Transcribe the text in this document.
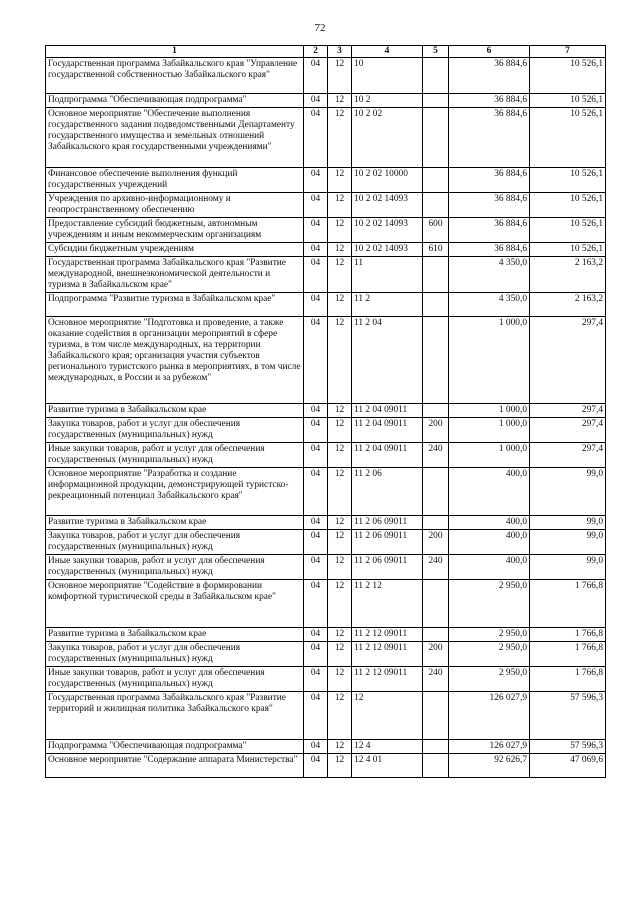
72
1	2	3	4	5	6	7
Государственная программа Забайкальского края "Управление государственной собственностью Забайкальского края"	04	12	10		36 884,6	10 526,1
Подпрограмма "Обеспечивающая подпрограмма"	04	12	10 2		36 884,6	10 526,1
Основное мероприятие "Обеспечение выполнения государственного задания подведомственными Департаменту государственного имущества и земельных отношений Забайкальского края государственными учреждениями"	04	12	10 2 02		36 884,6	10 526,1
Финансовое обеспечение выполнения функций государственных учреждений	04	12	10 2 02 10000		36 884,6	10 526,1
Учреждения по архивно-информационному и геопространственному обеспечению	04	12	10 2 02 14093		36 884,6	10 526,1
Предоставление субсидий бюджетным, автономным учреждениям и иным некоммерческим организациям	04	12	10 2 02 14093	600	36 884,6	10 526,1
Субсидии бюджетным учреждениям	04	12	10 2 02 14093	610	36 884,6	10 526,1
Государственная программа Забайкальского края "Развитие международной, внешнеэкономической деятельности и туризма в Забайкальском крае"	04	12	11		4 350,0	2 163,2
Подпрограмма "Развитие туризма в Забайкальском крае"	04	12	11 2		4 350,0	2 163,2
Основное мероприятие "Подготовка и проведение, а также оказание содействия в организации мероприятий в сфере туризма, в том числе международных, на территории Забайкальского края; организация участия субъектов регионального туристского рынка в мероприятиях, в том числе международных, в России и за рубежом"	04	12	11 2 04		1 000,0	297,4
Развитие туризма в Забайкальском крае	04	12	11 2 04 09011		1 000,0	297,4
Закупка товаров, работ и услуг для обеспечения государственных (муниципальных) нужд	04	12	11 2 04 09011	200	1 000,0	297,4
Иные закупки товаров, работ и услуг для обеспечения государственных (муниципальных) нужд	04	12	11 2 04 09011	240	1 000,0	297,4
Основное мероприятие "Разработка и создание информационной продукции, демонстрирующей туристско-рекреационный потенциал Забайкальского края"	04	12	11 2 06		400,0	99,0
Развитие туризма в Забайкальском крае	04	12	11 2 06 09011		400,0	99,0
Закупка товаров, работ и услуг для обеспечения государственных (муниципальных) нужд	04	12	11 2 06 09011	200	400,0	99,0
Иные закупки товаров, работ и услуг для обеспечения государственных (муниципальных) нужд	04	12	11 2 06 09011	240	400,0	99,0
Основное мероприятие "Содействие в формировании комфортной туристической среды в Забайкальском крае"	04	12	11 2 12		2 950,0	1 766,8
Развитие туризма в Забайкальском крае	04	12	11 2 12 09011		2 950,0	1 766,8
Закупка товаров, работ и услуг для обеспечения государственных (муниципальных) нужд	04	12	11 2 12 09011	200	2 950,0	1 766,8
Иные закупки товаров, работ и услуг для обеспечения государственных (муниципальных) нужд	04	12	11 2 12 09011	240	2 950,0	1 766,8
Государственная программа Забайкальского края "Развитие территорий и жилищная политика Забайкальского края"	04	12	12		126 027,9	57 596,3
Подпрограмма "Обеспечивающая подпрограмма"	04	12	12 4		126 027,9	57 596,3
Основное мероприятие "Содержание аппарата Министерства"	04	12	12 4 01		92 626,7	47 069,6
